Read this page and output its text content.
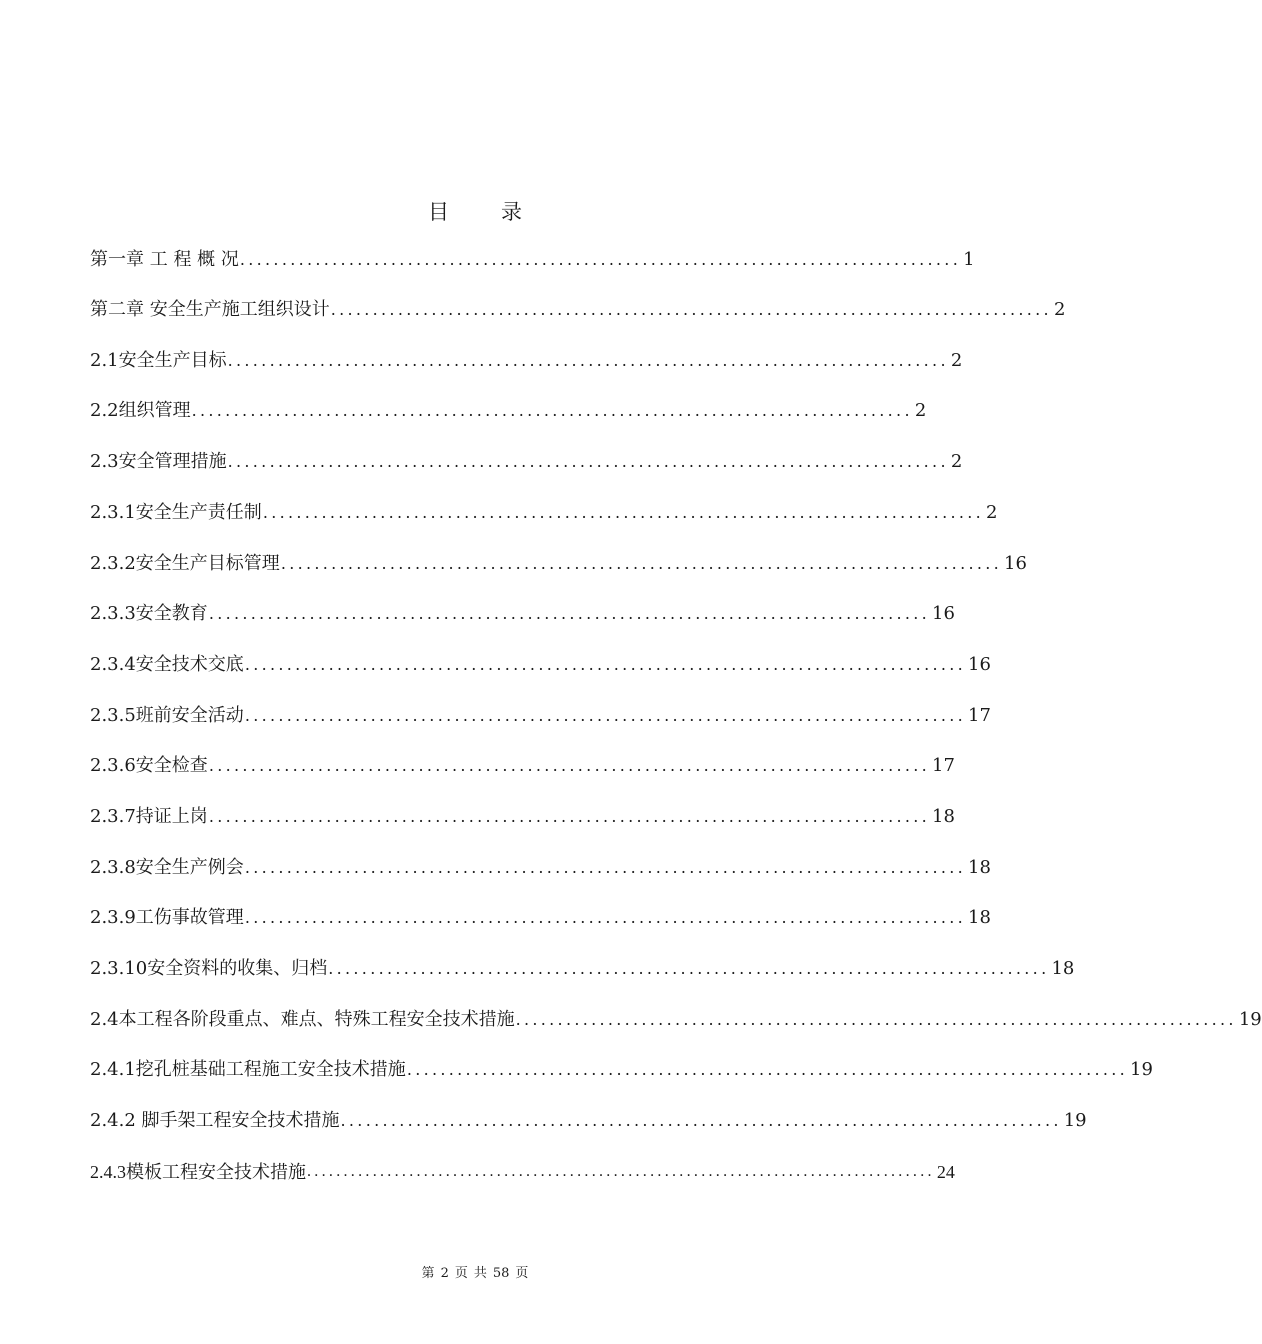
目 录
第一章 工 程 概 况 ...................................................................................... 1
第二章 安全生产施工组织设计 ...................................................................................... 2
2.1安全生产目标 ...................................................................................... 2
2.2组织管理 ...................................................................................... 2
2.3安全管理措施 ...................................................................................... 2
2.3.1安全生产责任制 ...................................................................................... 2
2.3.2安全生产目标管理 ...................................................................................... 16
2.3.3安全教育 ...................................................................................... 16
2.3.4安全技术交底 ...................................................................................... 16
2.3.5班前安全活动 ...................................................................................... 17
2.3.6安全检查 ...................................................................................... 17
2.3.7持证上岗 ...................................................................................... 18
2.3.8安全生产例会 ...................................................................................... 18
2.3.9工伤事故管理 ...................................................................................... 18
2.3.10安全资料的收集、归档 ...................................................................................... 18
2.4本工程各阶段重点、难点、特殊工程安全技术措施 ...................................................................................... 19
2.4.1挖孔桩基础工程施工安全技术措施 ...................................................................................... 19
2.4.2 脚手架工程安全技术措施 ...................................................................................... 19
2.4.3模板工程安全技术措施 ...................................................................................... 24
第 2 页 共 58 页
